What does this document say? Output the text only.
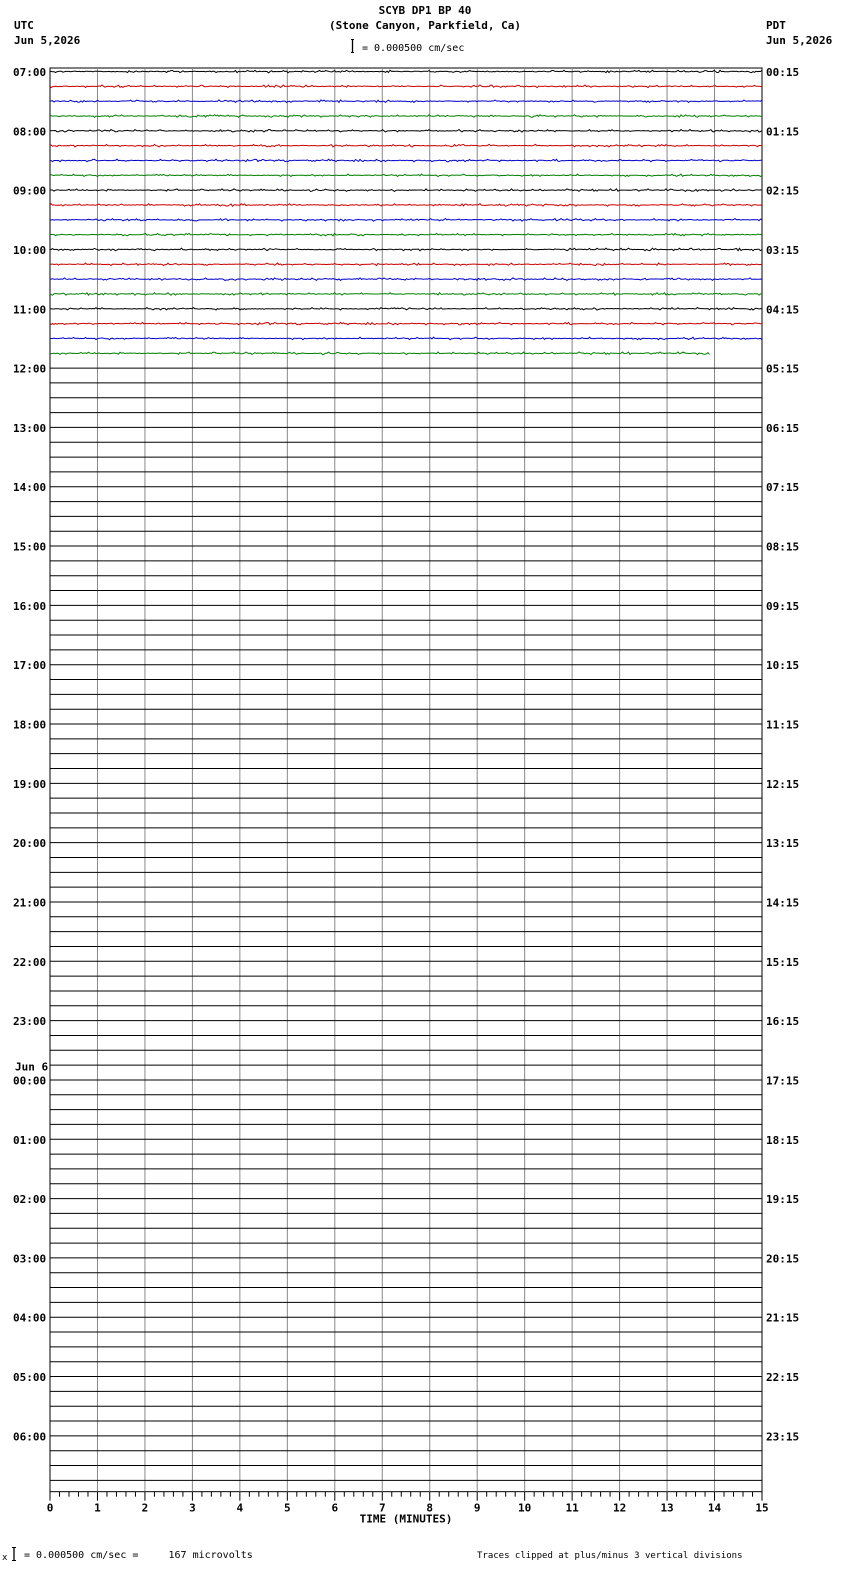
SCYB DP1 BP 40
(Stone Canyon, Parkfield, Ca)
UTC
Jun 5,2026
PDT
Jun 5,2026
= 0.000500 cm/sec
07:00
08:00
09:00
10:00
11:00
12:00
13:00
14:00
15:00
16:00
17:00
18:00
19:00
20:00
21:00
22:00
23:00
00:00
Jun 6
01:00
02:00
03:00
04:00
05:00
06:00
00:15
01:15
02:15
03:15
04:15
05:15
06:15
07:15
08:15
09:15
10:15
11:15
12:15
13:15
14:15
15:15
16:15
17:15
18:15
19:15
20:15
21:15
22:15
23:15
0	1	2	3	4	5	6	7	8	9	10	11	12	13	14	15
TIME (MINUTES)
x = 0.000500 cm/sec =     167 microvolts	Traces clipped at plus/minus 3 vertical divisions
